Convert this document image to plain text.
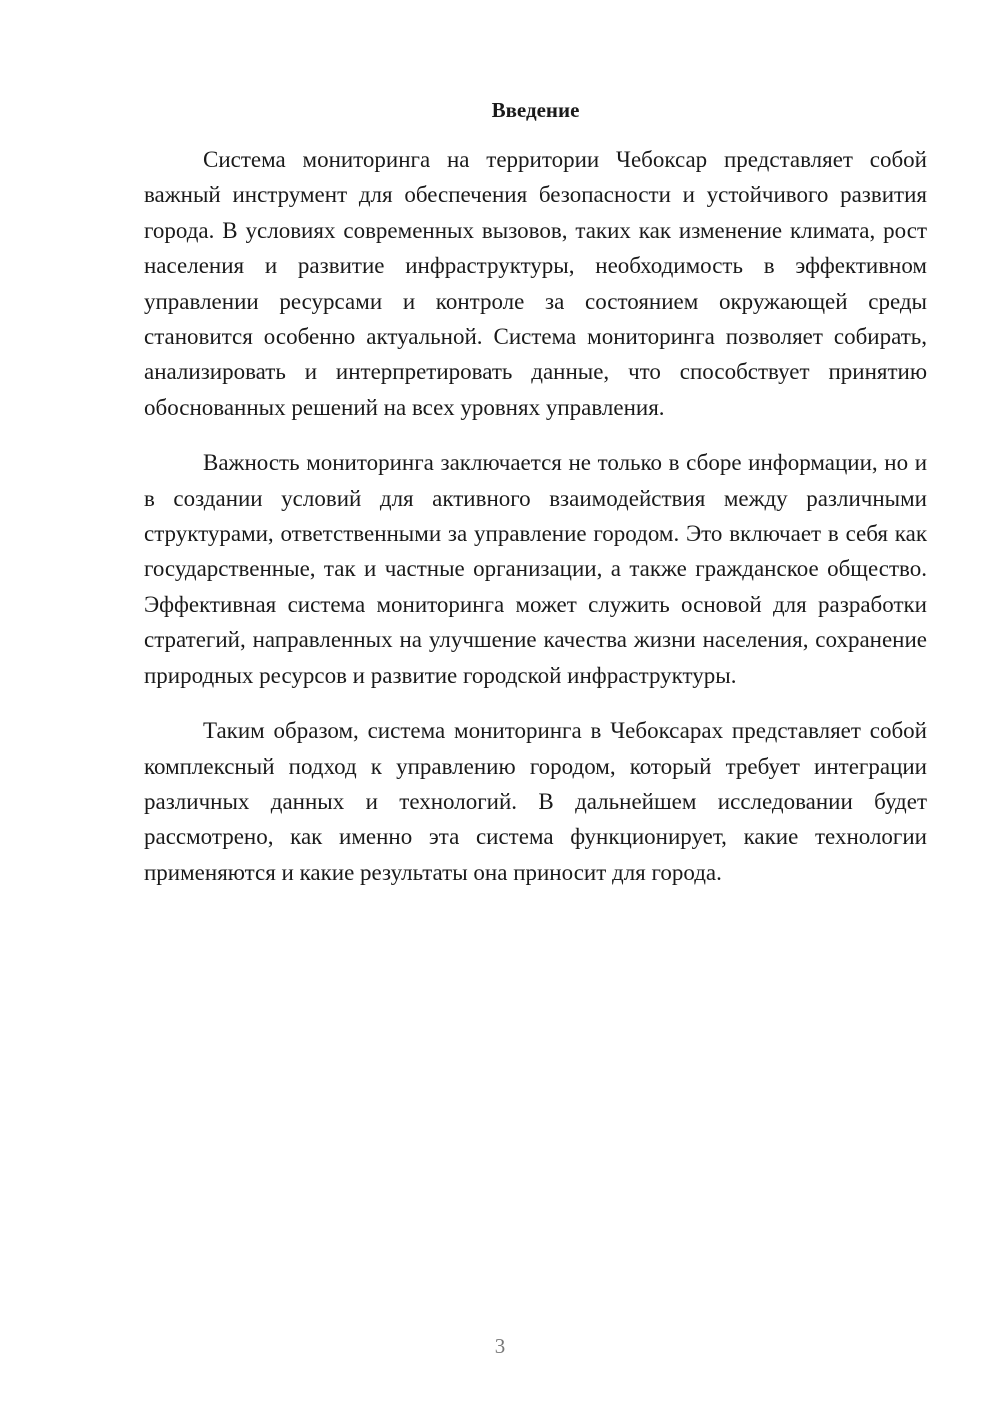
Введение

Система мониторинга на территории Чебоксар представляет собой важный инструмент для обеспечения безопасности и устойчивого развития города. В условиях современных вызовов, таких как изменение климата, рост населения и развитие инфраструктуры, необходимость в эффективном управлении ресурсами и контроле за состоянием окружающей среды становится особенно актуальной. Система мониторинга позволяет собирать, анализировать и интерпретировать данные, что способствует принятию обоснованных решений на всех уровнях управления.

Важность мониторинга заключается не только в сборе информации, но и в создании условий для активного взаимодействия между различными структурами, ответственными за управление городом. Это включает в себя как государственные, так и частные организации, а также гражданское общество. Эффективная система мониторинга может служить основой для разработки стратегий, направленных на улучшение качества жизни населения, сохранение природных ресурсов и развитие городской инфраструктуры.

Таким образом, система мониторинга в Чебоксарах представляет собой комплексный подход к управлению городом, который требует интеграции различных данных и технологий. В дальнейшем исследовании будет рассмотрено, как именно эта система функционирует, какие технологии применяются и какие результаты она приносит для города.

3
